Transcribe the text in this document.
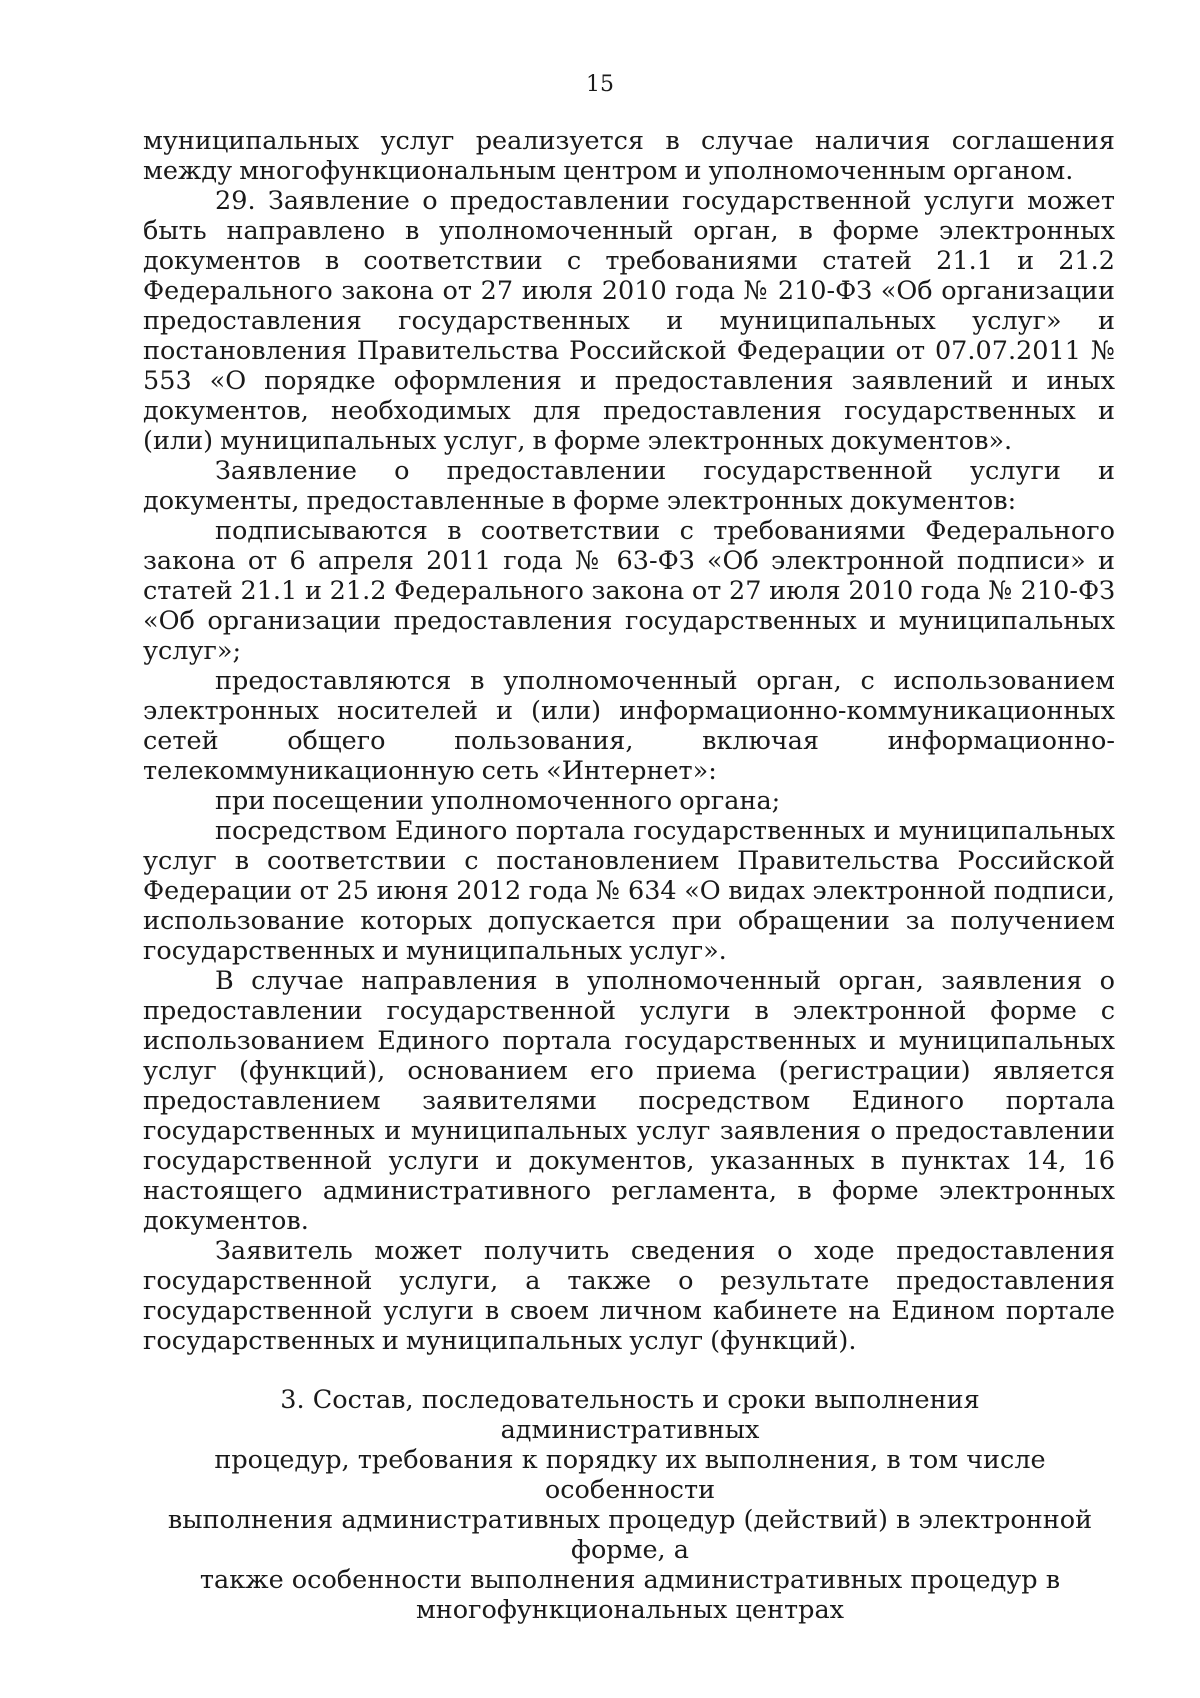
15

муниципальных услуг реализуется в случае наличия соглашения между многофункциональным центром и уполномоченным органом.

29. Заявление о предоставлении государственной услуги может быть направлено в уполномоченный орган, в форме электронных документов в соответствии с требованиями статей 21.1 и 21.2 Федерального закона от 27 июля 2010 года № 210-ФЗ «Об организации предоставления государственных и муниципальных услуг» и постановления Правительства Российской Федерации от 07.07.2011 № 553 «О порядке оформления и предоставления заявлений и иных документов, необходимых для предоставления государственных и (или) муниципальных услуг, в форме электронных документов».

Заявление о предоставлении государственной услуги и документы, предоставленные в форме электронных документов:

подписываются в соответствии с требованиями Федерального закона от 6 апреля 2011 года № 63-ФЗ «Об электронной подписи» и статей 21.1 и 21.2 Федерального закона от 27 июля 2010 года № 210-ФЗ «Об организации предоставления государственных и муниципальных услуг»;

предоставляются в уполномоченный орган, с использованием электронных носителей и (или) информационно-коммуникационных сетей общего пользования, включая информационно-телекоммуникационную сеть «Интернет»:

при посещении уполномоченного органа;

посредством Единого портала государственных и муниципальных услуг в соответствии с постановлением Правительства Российской Федерации от 25 июня 2012 года № 634 «О видах электронной подписи, использование которых допускается при обращении за получением государственных и муниципальных услуг».

В случае направления в уполномоченный орган, заявления о предоставлении государственной услуги в электронной форме с использованием Единого портала государственных и муниципальных услуг (функций), основанием его приема (регистрации) является предоставлением заявителями посредством Единого портала государственных и муниципальных услуг заявления о предоставлении государственной услуги и документов, указанных в пунктах 14, 16 настоящего административного регламента, в форме электронных документов.

Заявитель может получить сведения о ходе предоставления государственной услуги, а также о результате предоставления государственной услуги в своем личном кабинете на Едином портале государственных и муниципальных услуг (функций).

3. Состав, последовательность и сроки выполнения административных
процедур, требования к порядку их выполнения, в том числе особенности
выполнения административных процедур (действий) в электронной форме, а
также особенности выполнения административных процедур в
многофункциональных центрах
